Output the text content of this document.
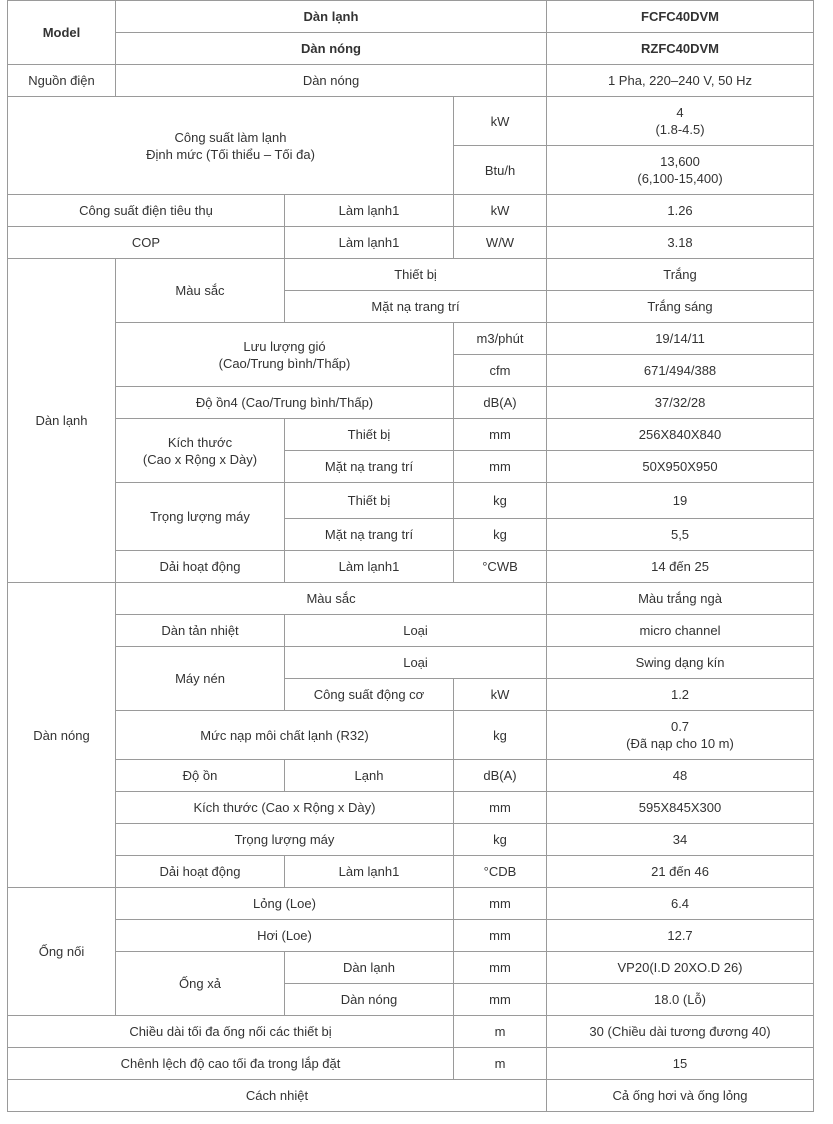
Model	Dàn lạnh			FCFC40DVM
	Dàn nóng			RZFC40DVM
Nguồn điện	Dàn nóng			1 Pha, 220–240 V, 50 Hz

Công suất làm lạnh
Định mức (Tối thiểu – Tối đa)			kW	4
(1.8-4.5)

			Btu/h	13,600
(6,100-15,400)

Công suất điện tiêu thụ		Làm lạnh1	kW	1.26
COP		Làm lạnh1	W/W	3.18
Dàn lạnh	Màu sắc	Thiết bị		Trắng
		Mặt nạ trang trí		Trắng sáng

	Lưu lượng gió
(Cao/Trung bình/Thấp)		m3/phút	19/14/11
			cfm	671/494/388
	Độ ồn4 (Cao/Trung bình/Thấp)		dB(A)	37/32/28

	Kích thước
(Cao x Rộng x Dày)	Thiết bị	mm	256X840X840
		Mặt nạ trang trí	mm	50X950X950
	Trọng lượng máy	Thiết bị	kg	19
		Mặt nạ trang trí	kg	5,5
	Dải hoạt động	Làm lạnh1	°CWB	14 đến 25
Dàn nóng	Màu sắc			Màu trắng ngà
	Dàn tản nhiệt	Loại		micro channel
	Máy nén	Loại		Swing dạng kín
		Công suất động cơ	kW	1.2
	Mức nạp môi chất lạnh (R32)		kg	0.7
(Đã nạp cho 10 m)

	Độ ồn	Lạnh	dB(A)	48
	Kích thước (Cao x Rộng x Dày)		mm	595X845X300
	Trọng lượng máy		kg	34
	Dải hoạt động	Làm lạnh1	°CDB	21 đến 46
Ống nối	Lỏng (Loe)		mm	6.4
	Hơi (Loe)		mm	12.7
	Ống xả	Dàn lạnh	mm	VP20(I.D 20XO.D 26)
		Dàn nóng	mm	18.0 (Lỗ)
Chiều dài tối đa ống nối các thiết bị			m	30 (Chiều dài tương đương 40)
Chênh lệch độ cao tối đa trong lắp đặt			m	15
Cách nhiệt				Cả ống hơi và ống lỏng
